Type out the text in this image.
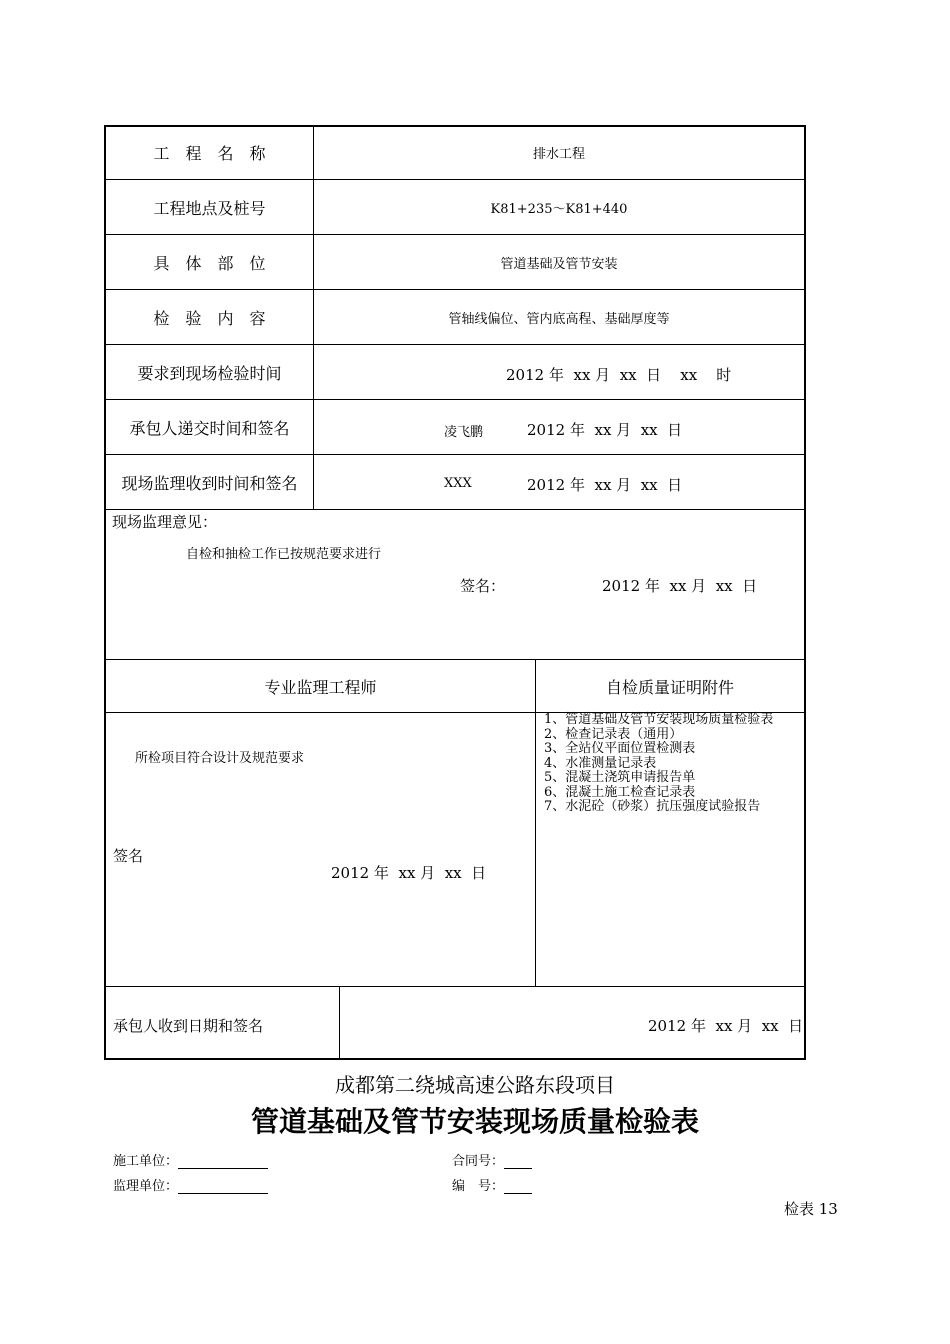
工　程　名　称	排水工程
工程地点及桩号	K81+235～K81+440
具　体　部　位	管道基础及管节安装
检　验　内　容	管轴线偏位、管内底高程、基础厚度等
要求到现场检验时间	2012 年  xx 月  xx  日    xx    时
承包人递交时间和签名	凌飞鹏	2012 年  xx 月  xx  日
现场监理收到时间和签名	XXX	2012 年  xx 月  xx  日
现场监理意见：
自检和抽检工作已按规范要求进行
签名：	2012 年  xx 月  xx  日
专业监理工程师	自检质量证明附件
所检项目符合设计及规范要求
签名
2012 年  xx 月  xx  日
1、管道基础及管节安装现场质量检验表
2、检查记录表（通用）
3、全站仪平面位置检测表
4、水准测量记录表
5、混凝土浇筑申请报告单
6、混凝土施工检查记录表
7、水泥砼（砂浆）抗压强度试验报告
承包人收到日期和签名	2012 年  xx 月  xx  日
成都第二绕城高速公路东段项目
管道基础及管节安装现场质量检验表
施工单位：	合同号：
监理单位：	编　号：
检表 13
